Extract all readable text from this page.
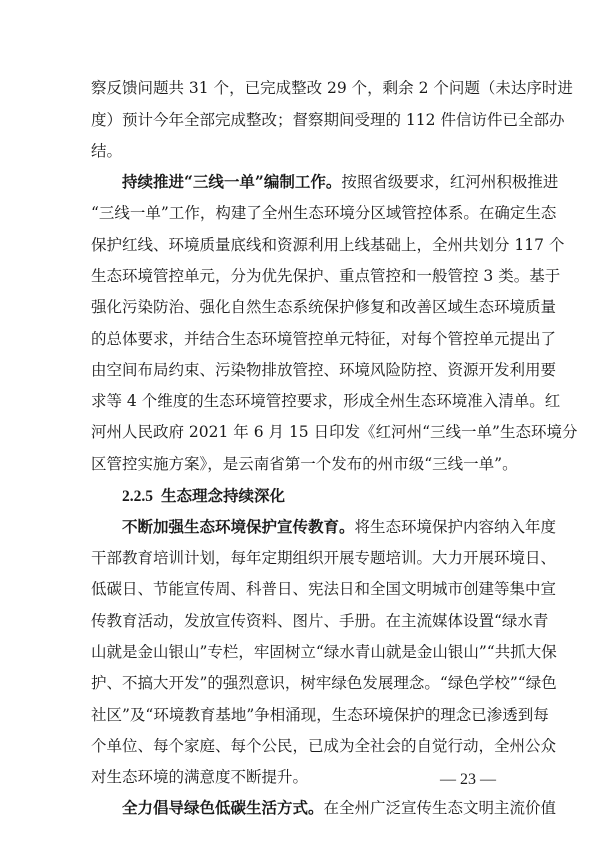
察反馈问题共 31 个，已完成整改 29 个，剩余 2 个问题（未达序时进
度）预计今年全部完成整改；督察期间受理的 112 件信访件已全部办
结。
持续推进“三线一单”编制工作。按照省级要求，红河州积极推进
“三线一单”工作，构建了全州生态环境分区域管控体系。在确定生态
保护红线、环境质量底线和资源利用上线基础上，全州共划分 117 个
生态环境管控单元，分为优先保护、重点管控和一般管控 3 类。基于
强化污染防治、强化自然生态系统保护修复和改善区域生态环境质量
的总体要求，并结合生态环境管控单元特征，对每个管控单元提出了
由空间布局约束、污染物排放管控、环境风险防控、资源开发利用要
求等 4 个维度的生态环境管控要求，形成全州生态环境准入清单。红
河州人民政府 2021 年 6 月 15 日印发《红河州“三线一单”生态环境分
区管控实施方案》，是云南省第一个发布的州市级“三线一单”。
2.2.5 生态理念持续深化
不断加强生态环境保护宣传教育。将生态环境保护内容纳入年度
干部教育培训计划，每年定期组织开展专题培训。大力开展环境日、
低碳日、节能宣传周、科普日、宪法日和全国文明城市创建等集中宣
传教育活动，发放宣传资料、图片、手册。在主流媒体设置“绿水青
山就是金山银山”专栏，牢固树立“绿水青山就是金山银山”“共抓大保
护、不搞大开发”的强烈意识，树牢绿色发展理念。“绿色学校”“绿色
社区”及“环境教育基地”争相涌现，生态环境保护的理念已渗透到每
个单位、每个家庭、每个公民，已成为全社会的自觉行动，全州公众
对生态环境的满意度不断提升。
全力倡导绿色低碳生活方式。在全州广泛宣传生态文明主流价值
— 23 —
